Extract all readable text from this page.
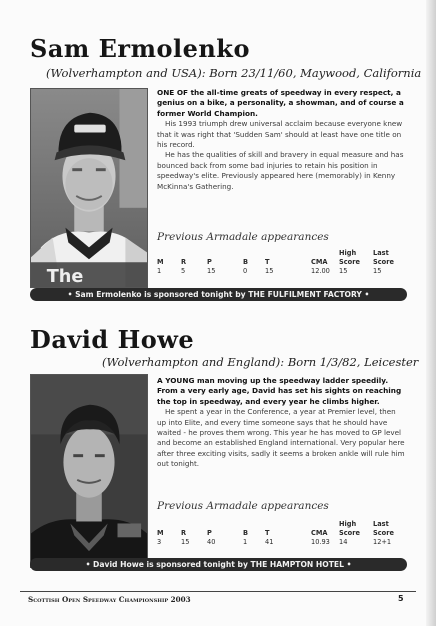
Sam Ermolenko

(Wolverhampton and USA): Born 23/11/60, Maywood, California

The

ONE OF the all-time greats of speedway in every respect, a genius on a bike, a personality, a showman, and of course a former World Champion.

His 1993 triumph drew universal acclaim because everyone knew that it was right that 'Sudden Sam' should at least have one title on his record.

He has the qualities of skill and bravery in equal measure and has bounced back from some bad injuries to retain his position in speedway's elite. Previously appeared here (memorably) in Kenny McKinna's Gathering.

Previous Armadale appearances

						High	Last
M	R	P	B	T	CMA	Score	Score
1	5	15	0	15	12.00	15	15
• Sam Ermolenko is sponsored tonight by THE FULFILMENT FACTORY •
David Howe

(Wolverhampton and England): Born 1/3/82, Leicester

A YOUNG man moving up the speedway ladder speedily. From a very early age, David has set his sights on reaching the top in speedway, and every year he climbs higher.

He spent a year in the Conference, a year at Premier level, then up into Elite, and every time someone says that he should have waited - he proves them wrong. This year he has moved to GP level and become an established England international. Very popular here after three exciting visits, sadly it seems a broken ankle will rule him out tonight.

Previous Armadale appearances

						High	Last
M	R	P	B	T	CMA	Score	Score
3	15	40	1	41	10.93	14	12+1
• David Howe is sponsored tonight by THE HAMPTON HOTEL •
Scottish Open Speedway Championship 2003	5
